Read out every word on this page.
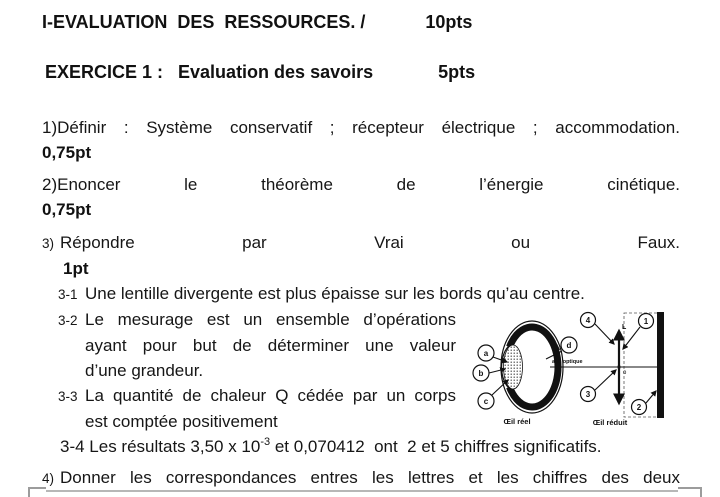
I-EVALUATION  DES  RESSOURCES. /            10pts
EXERCICE 1 :   Evaluation des savoirs             5pts
1)Définir : Système conservatif ; récepteur électrique ; accommodation.
0,75pt
2)Enoncer le théorème de l’énergie cinétique.
0,75pt
3) Répondre par Vrai ou Faux.
1pt
3-1 Une lentille divergente est plus épaisse sur les bords qu’au centre.
a
b
c
d
Œil réel
axe optique
L
o
4	1
3
2
Œil réduit
3-2 Le mesurage est un ensemble d’opérations
ayant pour but de déterminer une valeur
d’une grandeur.
3-3 La quantité de chaleur Q cédée par un corps
est comptée positivement
3-4 Les résultats 3,50 x $10^{-3}$ et 0,070412  ont  2 et 5 chiffres significatifs.
4) Donner les correspondances entres les lettres et les chiffres des deux
